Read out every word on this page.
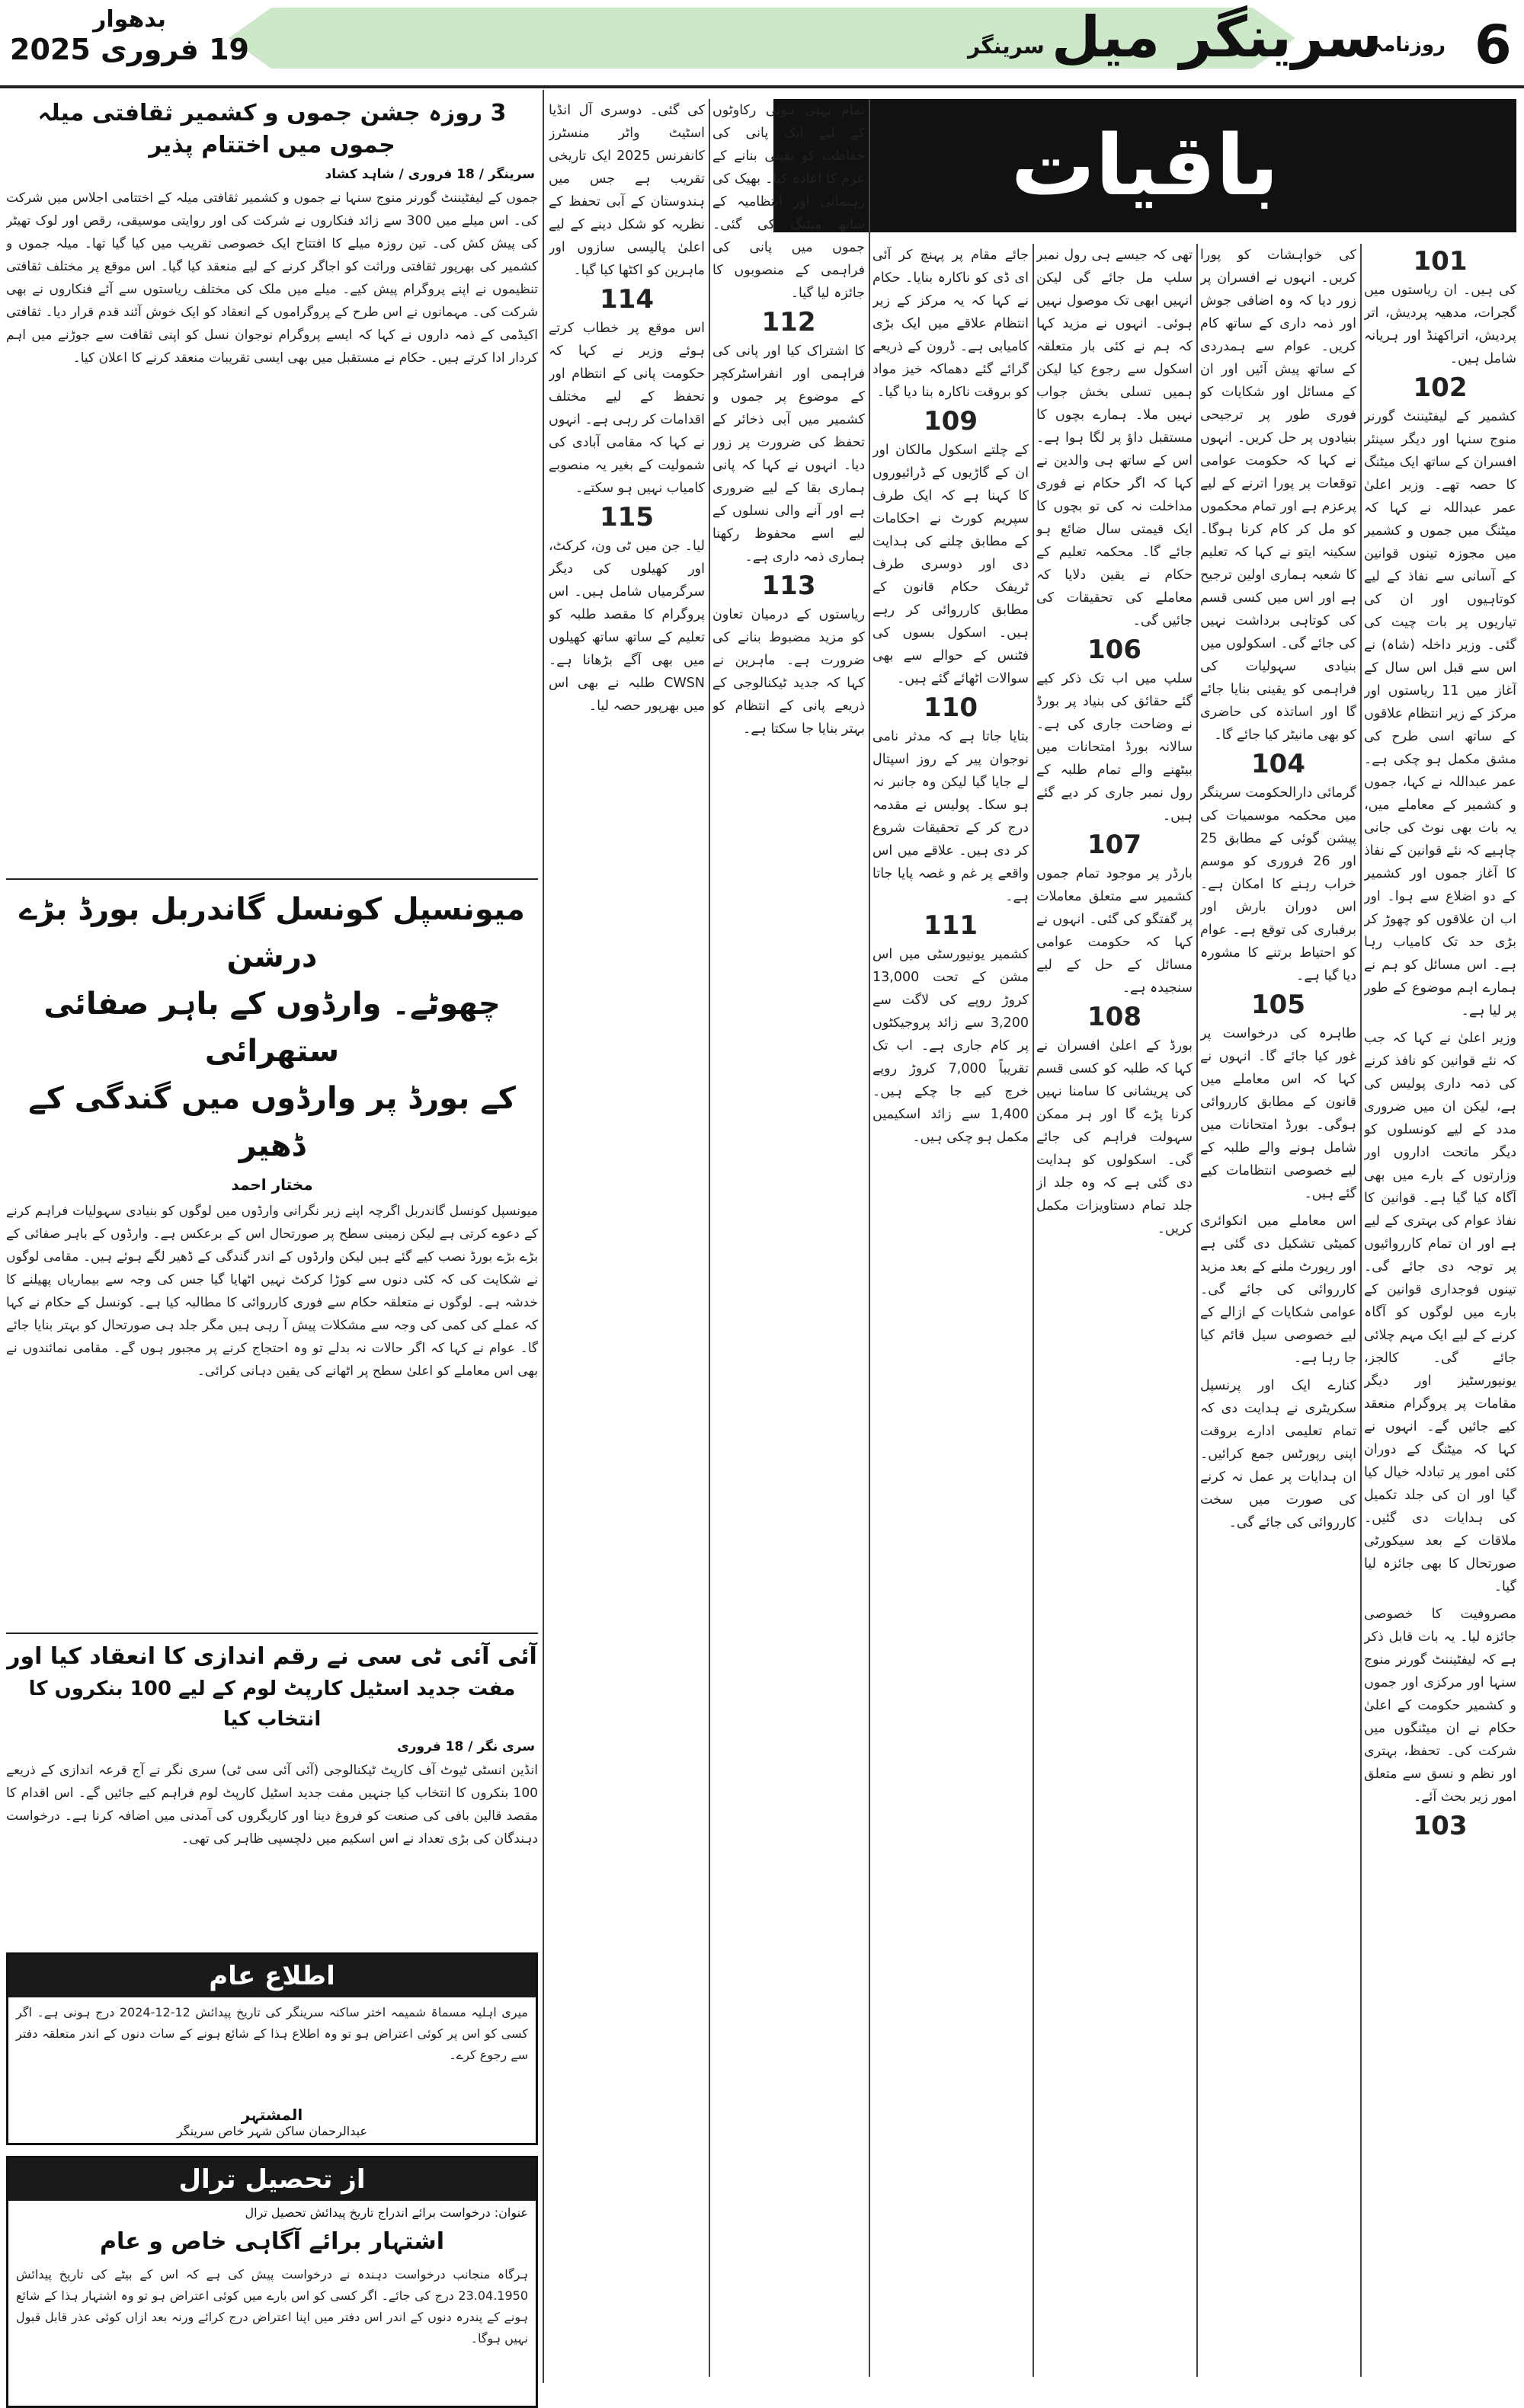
6
روزنامہ
سرینگر میل
سرینگر
بدھوار
19 فروری 2025
باقیات
101

کی ہیں۔ ان ریاستوں میں گجرات، مدھیہ پردیش، اتر پردیش، اتراکھنڈ اور ہریانہ شامل ہیں۔

102

کشمیر کے لیفٹیننٹ گورنر منوج سنہا اور دیگر سینئر افسران کے ساتھ ایک میٹنگ کا حصہ تھے۔ وزیر اعلیٰ عمر عبداللہ نے کہا کہ میٹنگ میں جموں و کشمیر میں مجوزہ تینوں قوانین کے آسانی سے نفاذ کے لیے کوتاہیوں اور ان کی تیاریوں پر بات چیت کی گئی۔ وزیر داخلہ (شاہ) نے اس سے قبل اس سال کے آغاز میں 11 ریاستوں اور مرکز کے زیر انتظام علاقوں کے ساتھ اسی طرح کی مشق مکمل ہو چکی ہے۔ عمر عبداللہ نے کہا، جموں و کشمیر کے معاملے میں، یہ بات بھی نوٹ کی جانی چاہیے کہ نئے قوانین کے نفاذ کا آغاز جموں اور کشمیر کے دو اضلاع سے ہوا۔ اور اب ان علاقوں کو چھوڑ کر بڑی حد تک کامیاب رہا ہے۔ اس مسائل کو ہم نے ہمارے اہم موضوع کے طور پر لیا ہے۔

وزیر اعلیٰ نے کہا کہ جب کہ نئے قوانین کو نافذ کرنے کی ذمہ داری پولیس کی ہے، لیکن ان میں ضروری مدد کے لیے کونسلوں کو دیگر ماتحت اداروں اور وزارتوں کے بارے میں بھی آگاہ کیا گیا ہے۔ قوانین کا نفاذ عوام کی بہتری کے لیے ہے اور ان تمام کارروائیوں پر توجہ دی جائے گی۔ تینوں فوجداری قوانین کے بارے میں لوگوں کو آگاہ کرنے کے لیے ایک مہم چلائی جائے گی۔ کالجز، یونیورسٹیز اور دیگر مقامات پر پروگرام منعقد کیے جائیں گے۔ انہوں نے کہا کہ میٹنگ کے دوران کئی امور پر تبادلہ خیال کیا گیا اور ان کی جلد تکمیل کی ہدایات دی گئیں۔ ملاقات کے بعد سیکورٹی صورتحال کا بھی جائزہ لیا گیا۔

مصروفیت کا خصوصی جائزہ لیا۔ یہ بات قابل ذکر ہے کہ لیفٹیننٹ گورنر منوج سنہا اور مرکزی اور جموں و کشمیر حکومت کے اعلیٰ حکام نے ان میٹنگوں میں شرکت کی۔ تحفظ، بہتری اور نظم و نسق سے متعلق امور زیر بحث آئے۔

103

کی خواہشات کو پورا کریں۔ انہوں نے افسران پر زور دیا کہ وہ اضافی جوش اور ذمہ داری کے ساتھ کام کریں۔ عوام سے ہمدردی کے ساتھ پیش آئیں اور ان کے مسائل اور شکایات کو فوری طور پر ترجیحی بنیادوں پر حل کریں۔ انہوں نے کہا کہ حکومت عوامی توقعات پر پورا اترنے کے لیے پرعزم ہے اور تمام محکموں کو مل کر کام کرنا ہوگا۔ سکینہ ایتو نے کہا کہ تعلیم کا شعبہ ہماری اولین ترجیح ہے اور اس میں کسی قسم کی کوتاہی برداشت نہیں کی جائے گی۔ اسکولوں میں بنیادی سہولیات کی فراہمی کو یقینی بنایا جائے گا اور اساتذہ کی حاضری کو بھی مانیٹر کیا جائے گا۔

104

گرمائی دارالحکومت سرینگر میں محکمہ موسمیات کی پیشن گوئی کے مطابق 25 اور 26 فروری کو موسم خراب رہنے کا امکان ہے۔ اس دوران بارش اور برفباری کی توقع ہے۔ عوام کو احتیاط برتنے کا مشورہ دیا گیا ہے۔

105

طاہرہ کی درخواست پر غور کیا جائے گا۔ انہوں نے کہا کہ اس معاملے میں قانون کے مطابق کارروائی ہوگی۔ بورڈ امتحانات میں شامل ہونے والے طلبہ کے لیے خصوصی انتظامات کیے گئے ہیں۔

اس معاملے میں انکوائری کمیٹی تشکیل دی گئی ہے اور رپورٹ ملنے کے بعد مزید کارروائی کی جائے گی۔ عوامی شکایات کے ازالے کے لیے خصوصی سیل قائم کیا جا رہا ہے۔

کنارے ایک اور پرنسپل سکریٹری نے ہدایت دی کہ تمام تعلیمی ادارے بروقت اپنی رپورٹس جمع کرائیں۔ ان ہدایات پر عمل نہ کرنے کی صورت میں سخت کارروائی کی جائے گی۔

تھی کہ جیسے ہی رول نمبر سلپ مل جائے گی لیکن انہیں ابھی تک موصول نہیں ہوئی۔ انہوں نے مزید کہا کہ ہم نے کئی بار متعلقہ اسکول سے رجوع کیا لیکن ہمیں تسلی بخش جواب نہیں ملا۔ ہمارے بچوں کا مستقبل داؤ پر لگا ہوا ہے۔ اس کے ساتھ ہی والدین نے کہا کہ اگر حکام نے فوری مداخلت نہ کی تو بچوں کا ایک قیمتی سال ضائع ہو جائے گا۔ محکمہ تعلیم کے حکام نے یقین دلایا کہ معاملے کی تحقیقات کی جائیں گی۔

106

سلپ میں اب تک ذکر کیے گئے حقائق کی بنیاد پر بورڈ نے وضاحت جاری کی ہے۔ سالانہ بورڈ امتحانات میں بیٹھنے والے تمام طلبہ کے رول نمبر جاری کر دیے گئے ہیں۔

107

بارڈر پر موجود تمام جموں کشمیر سے متعلق معاملات پر گفتگو کی گئی۔ انہوں نے کہا کہ حکومت عوامی مسائل کے حل کے لیے سنجیدہ ہے۔

108

بورڈ کے اعلیٰ افسران نے کہا کہ طلبہ کو کسی قسم کی پریشانی کا سامنا نہیں کرنا پڑے گا اور ہر ممکن سہولت فراہم کی جائے گی۔ اسکولوں کو ہدایت دی گئی ہے کہ وہ جلد از جلد تمام دستاویزات مکمل کریں۔

جائے مقام پر پہنچ کر آئی ای ڈی کو ناکارہ بنایا۔ حکام نے کہا کہ یہ مرکز کے زیر انتظام علاقے میں ایک بڑی کامیابی ہے۔ ڈرون کے ذریعے گرائے گئے دھماکہ خیز مواد کو بروقت ناکارہ بنا دیا گیا۔

109

کے چلتے اسکول مالکان اور ان کے گاڑیوں کے ڈرائیوروں کا کہنا ہے کہ ایک طرف سپریم کورٹ نے احکامات کے مطابق چلنے کی ہدایت دی اور دوسری طرف ٹریفک حکام قانون کے مطابق کارروائی کر رہے ہیں۔ اسکول بسوں کی فٹنس کے حوالے سے بھی سوالات اٹھائے گئے ہیں۔

110

بتایا جاتا ہے کہ مدثر نامی نوجوان پیر کے روز اسپتال لے جایا گیا لیکن وہ جانبر نہ ہو سکا۔ پولیس نے مقدمہ درج کر کے تحقیقات شروع کر دی ہیں۔ علاقے میں اس واقعے پر غم و غصہ پایا جاتا ہے۔

111

کشمیر یونیورسٹی میں اس مشن کے تحت 13,000 کروڑ روپے کی لاگت سے 3,200 سے زائد پروجیکٹوں پر کام جاری ہے۔ اب تک تقریباً 7,000 کروڑ روپے خرچ کیے جا چکے ہیں۔ 1,400 سے زائد اسکیمیں مکمل ہو چکی ہیں۔

تمام بہتی ہوئی رکاوٹوں کے لیے ایک پانی کی حفاظت کو یقینی بنانے کے عزم کا اعادہ کیا۔ بھیک کی رہنمائی اور انتظامیہ کے ساتھ میٹنگ کی گئی۔ جموں میں پانی کی فراہمی کے منصوبوں کا جائزہ لیا گیا۔

112

کا اشتراک کیا اور پانی کی فراہمی اور انفراسٹرکچر کے موضوع پر جموں و کشمیر میں آبی ذخائر کے تحفظ کی ضرورت پر زور دیا۔ انہوں نے کہا کہ پانی ہماری بقا کے لیے ضروری ہے اور آنے والی نسلوں کے لیے اسے محفوظ رکھنا ہماری ذمہ داری ہے۔

113

ریاستوں کے درمیان تعاون کو مزید مضبوط بنانے کی ضرورت ہے۔ ماہرین نے کہا کہ جدید ٹیکنالوجی کے ذریعے پانی کے انتظام کو بہتر بنایا جا سکتا ہے۔

کی گئی۔ دوسری آل انڈیا اسٹیٹ واٹر منسٹرز کانفرنس 2025 ایک تاریخی تقریب ہے جس میں ہندوستان کے آبی تحفظ کے نظریہ کو شکل دینے کے لیے اعلیٰ پالیسی سازوں اور ماہرین کو اکٹھا کیا گیا۔

114

اس موقع پر خطاب کرتے ہوئے وزیر نے کہا کہ حکومت پانی کے انتظام اور تحفظ کے لیے مختلف اقدامات کر رہی ہے۔ انہوں نے کہا کہ مقامی آبادی کی شمولیت کے بغیر یہ منصوبے کامیاب نہیں ہو سکتے۔

115

لیا۔ جن میں ٹی ون، کرکٹ، اور کھیلوں کی دیگر سرگرمیاں شامل ہیں۔ اس پروگرام کا مقصد طلبہ کو تعلیم کے ساتھ ساتھ کھیلوں میں بھی آگے بڑھانا ہے۔ CWSN طلبہ نے بھی اس میں بھرپور حصہ لیا۔

3 روزہ جشن جموں و کشمیر ثقافتی میلہ جموں میں اختتام پذیر
سرینگر / 18 فروری / شاہد کشاد
جموں کے لیفٹیننٹ گورنر منوج سنہا نے جموں و کشمیر ثقافتی میلہ کے اختتامی اجلاس میں شرکت کی۔ اس میلے میں 300 سے زائد فنکاروں نے شرکت کی اور روایتی موسیقی، رقص اور لوک تھیٹر کی پیش کش کی۔ تین روزہ میلے کا افتتاح ایک خصوصی تقریب میں کیا گیا تھا۔ میلہ جموں و کشمیر کی بھرپور ثقافتی وراثت کو اجاگر کرنے کے لیے منعقد کیا گیا۔ اس موقع پر مختلف ثقافتی تنظیموں نے اپنے پروگرام پیش کیے۔ میلے میں ملک کی مختلف ریاستوں سے آئے فنکاروں نے بھی شرکت کی۔ مہمانوں نے اس طرح کے پروگراموں کے انعقاد کو ایک خوش آئند قدم قرار دیا۔ ثقافتی اکیڈمی کے ذمہ داروں نے کہا کہ ایسے پروگرام نوجوان نسل کو اپنی ثقافت سے جوڑنے میں اہم کردار ادا کرتے ہیں۔ حکام نے مستقبل میں بھی ایسی تقریبات منعقد کرنے کا اعلان کیا۔
میونسپل کونسل گاندربل بورڈ بڑے درشن
چھوٹے۔ وارڈوں کے باہر صفائی ستھرائی
کے بورڈ پر وارڈوں میں گندگی کے ڈھیر
مختار احمد
میونسپل کونسل گاندربل اگرچہ اپنے زیر نگرانی وارڈوں میں لوگوں کو بنیادی سہولیات فراہم کرنے کے دعوے کرتی ہے لیکن زمینی سطح پر صورتحال اس کے برعکس ہے۔ وارڈوں کے باہر صفائی کے بڑے بڑے بورڈ نصب کیے گئے ہیں لیکن وارڈوں کے اندر گندگی کے ڈھیر لگے ہوئے ہیں۔ مقامی لوگوں نے شکایت کی کہ کئی دنوں سے کوڑا کرکٹ نہیں اٹھایا گیا جس کی وجہ سے بیماریاں پھیلنے کا خدشہ ہے۔ لوگوں نے متعلقہ حکام سے فوری کارروائی کا مطالبہ کیا ہے۔ کونسل کے حکام نے کہا کہ عملے کی کمی کی وجہ سے مشکلات پیش آ رہی ہیں مگر جلد ہی صورتحال کو بہتر بنایا جائے گا۔ عوام نے کہا کہ اگر حالات نہ بدلے تو وہ احتجاج کرنے پر مجبور ہوں گے۔ مقامی نمائندوں نے بھی اس معاملے کو اعلیٰ سطح پر اٹھانے کی یقین دہانی کرائی۔
آئی آئی ٹی سی نے رقم اندازی کا انعقاد کیا اور
مفت جدید اسٹیل کارپٹ لوم کے لیے 100 بنکروں کا انتخاب کیا
سری نگر / 18 فروری
انڈین انسٹی ٹیوٹ آف کارپٹ ٹیکنالوجی (آئی آئی سی ٹی) سری نگر نے آج قرعہ اندازی کے ذریعے 100 بنکروں کا انتخاب کیا جنہیں مفت جدید اسٹیل کارپٹ لوم فراہم کیے جائیں گے۔ اس اقدام کا مقصد قالین بافی کی صنعت کو فروغ دینا اور کاریگروں کی آمدنی میں اضافہ کرنا ہے۔ درخواست دہندگان کی بڑی تعداد نے اس اسکیم میں دلچسپی ظاہر کی تھی۔
اطلاع عام
میری اہلیہ مسماۃ شمیمہ اختر ساکنہ سرینگر کی تاریخ پیدائش 12-12-2024 درج ہونی ہے۔ اگر کسی کو اس پر کوئی اعتراض ہو تو وہ اطلاع ہذا کے شائع ہونے کے سات دنوں کے اندر متعلقہ دفتر سے رجوع کرے۔
المشتہر
عبدالرحمان ساکن شہر خاص سرینگر
از تحصیل ترال
عنوان: درخواست برائے اندراج تاریخ پیدائش تحصیل ترال
اشتہار برائے آگاہی خاص و عام
ہرگاہ منجانب درخواست دہندہ نے درخواست پیش کی ہے کہ اس کے بیٹے کی تاریخ پیدائش 23.04.1950 درج کی جائے۔ اگر کسی کو اس بارے میں کوئی اعتراض ہو تو وہ اشتہار ہذا کے شائع ہونے کے پندرہ دنوں کے اندر اس دفتر میں اپنا اعتراض درج کرائے ورنہ بعد ازاں کوئی عذر قابل قبول نہیں ہوگا۔
